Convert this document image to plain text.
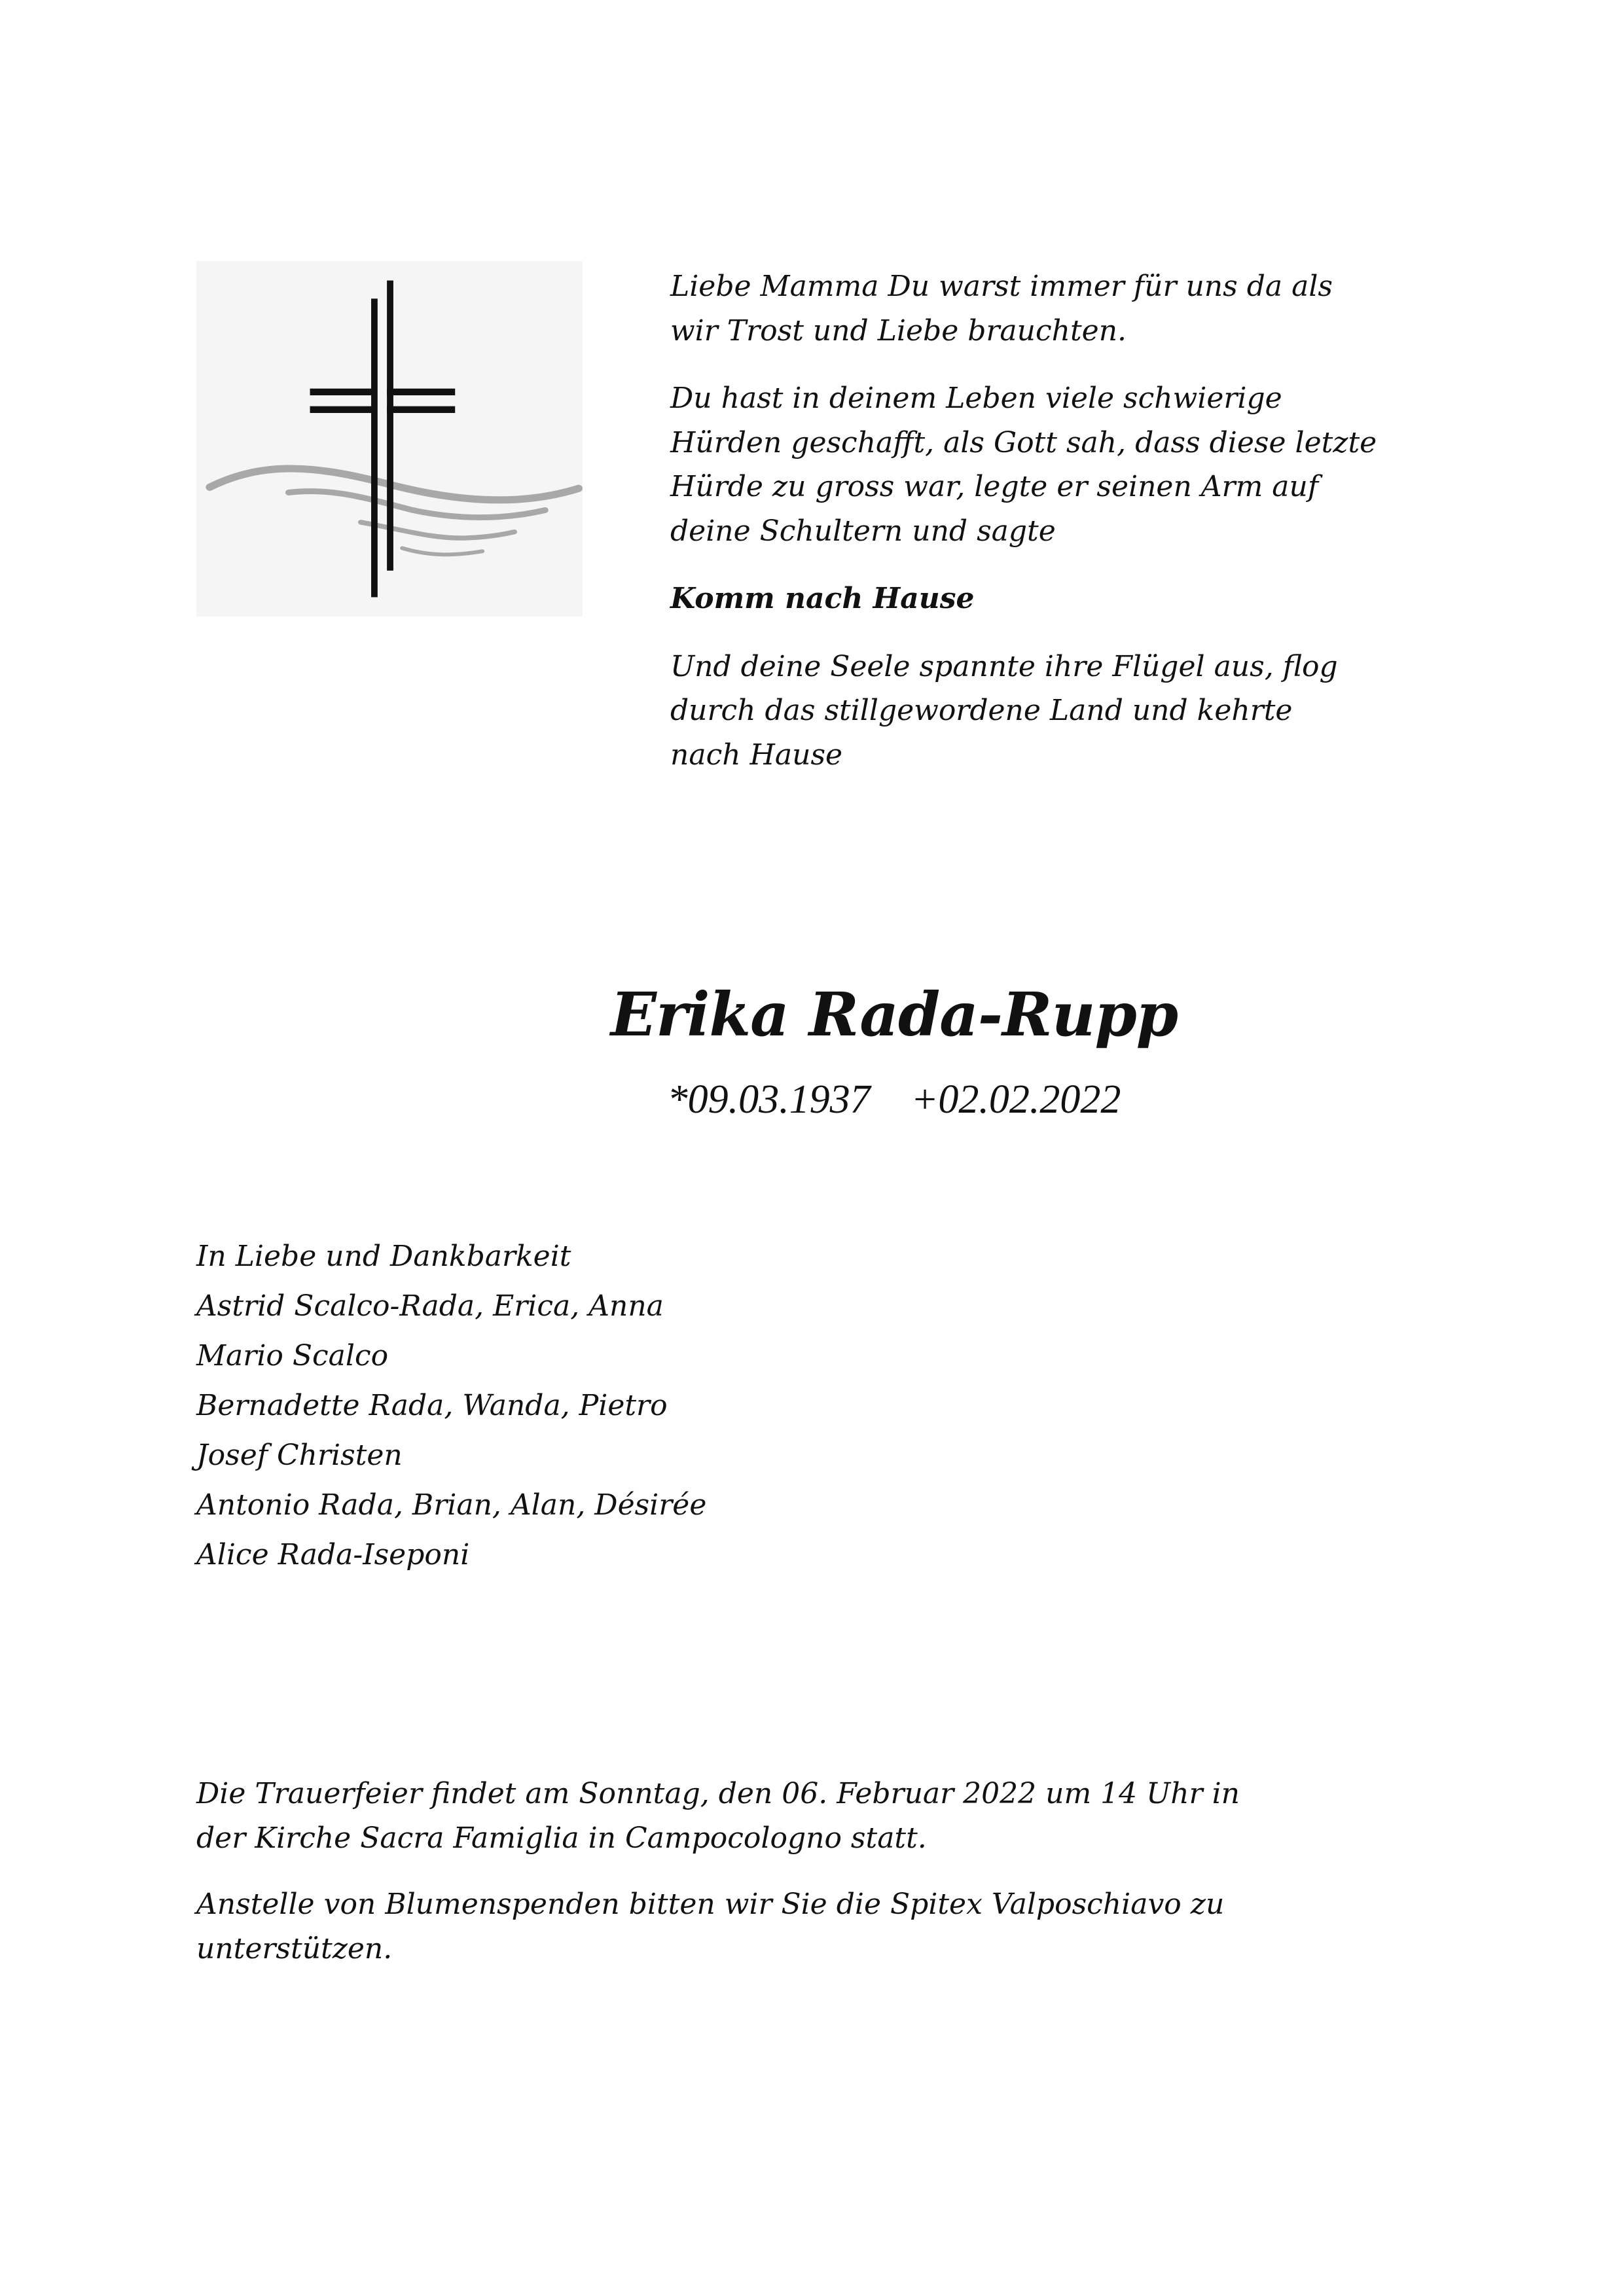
Liebe Mamma Du warst immer für uns da als
wir Trost und Liebe brauchten.

Du hast in deinem Leben viele schwierige
Hürden geschafft, als Gott sah, dass diese letzte
Hürde zu gross war, legte er seinen Arm auf
deine Schultern und sagte

Komm nach Hause

Und deine Seele spannte ihre Flügel aus, flog
durch das stillgewordene Land und kehrte
nach Hause

Erika Rada-Rupp
*09.03.1937    +02.02.2022
In Liebe und Dankbarkeit
Astrid Scalco-Rada, Erica, Anna
Mario Scalco
Bernadette Rada, Wanda, Pietro
Josef Christen
Antonio Rada, Brian, Alan, Désirée
Alice Rada-Iseponi

Die Trauerfeier findet am Sonntag, den 06. Februar 2022 um 14 Uhr in
der Kirche Sacra Famiglia in Campocologno statt.

Anstelle von Blumenspenden bitten wir Sie die Spitex Valposchiavo zu
unterstützen.
